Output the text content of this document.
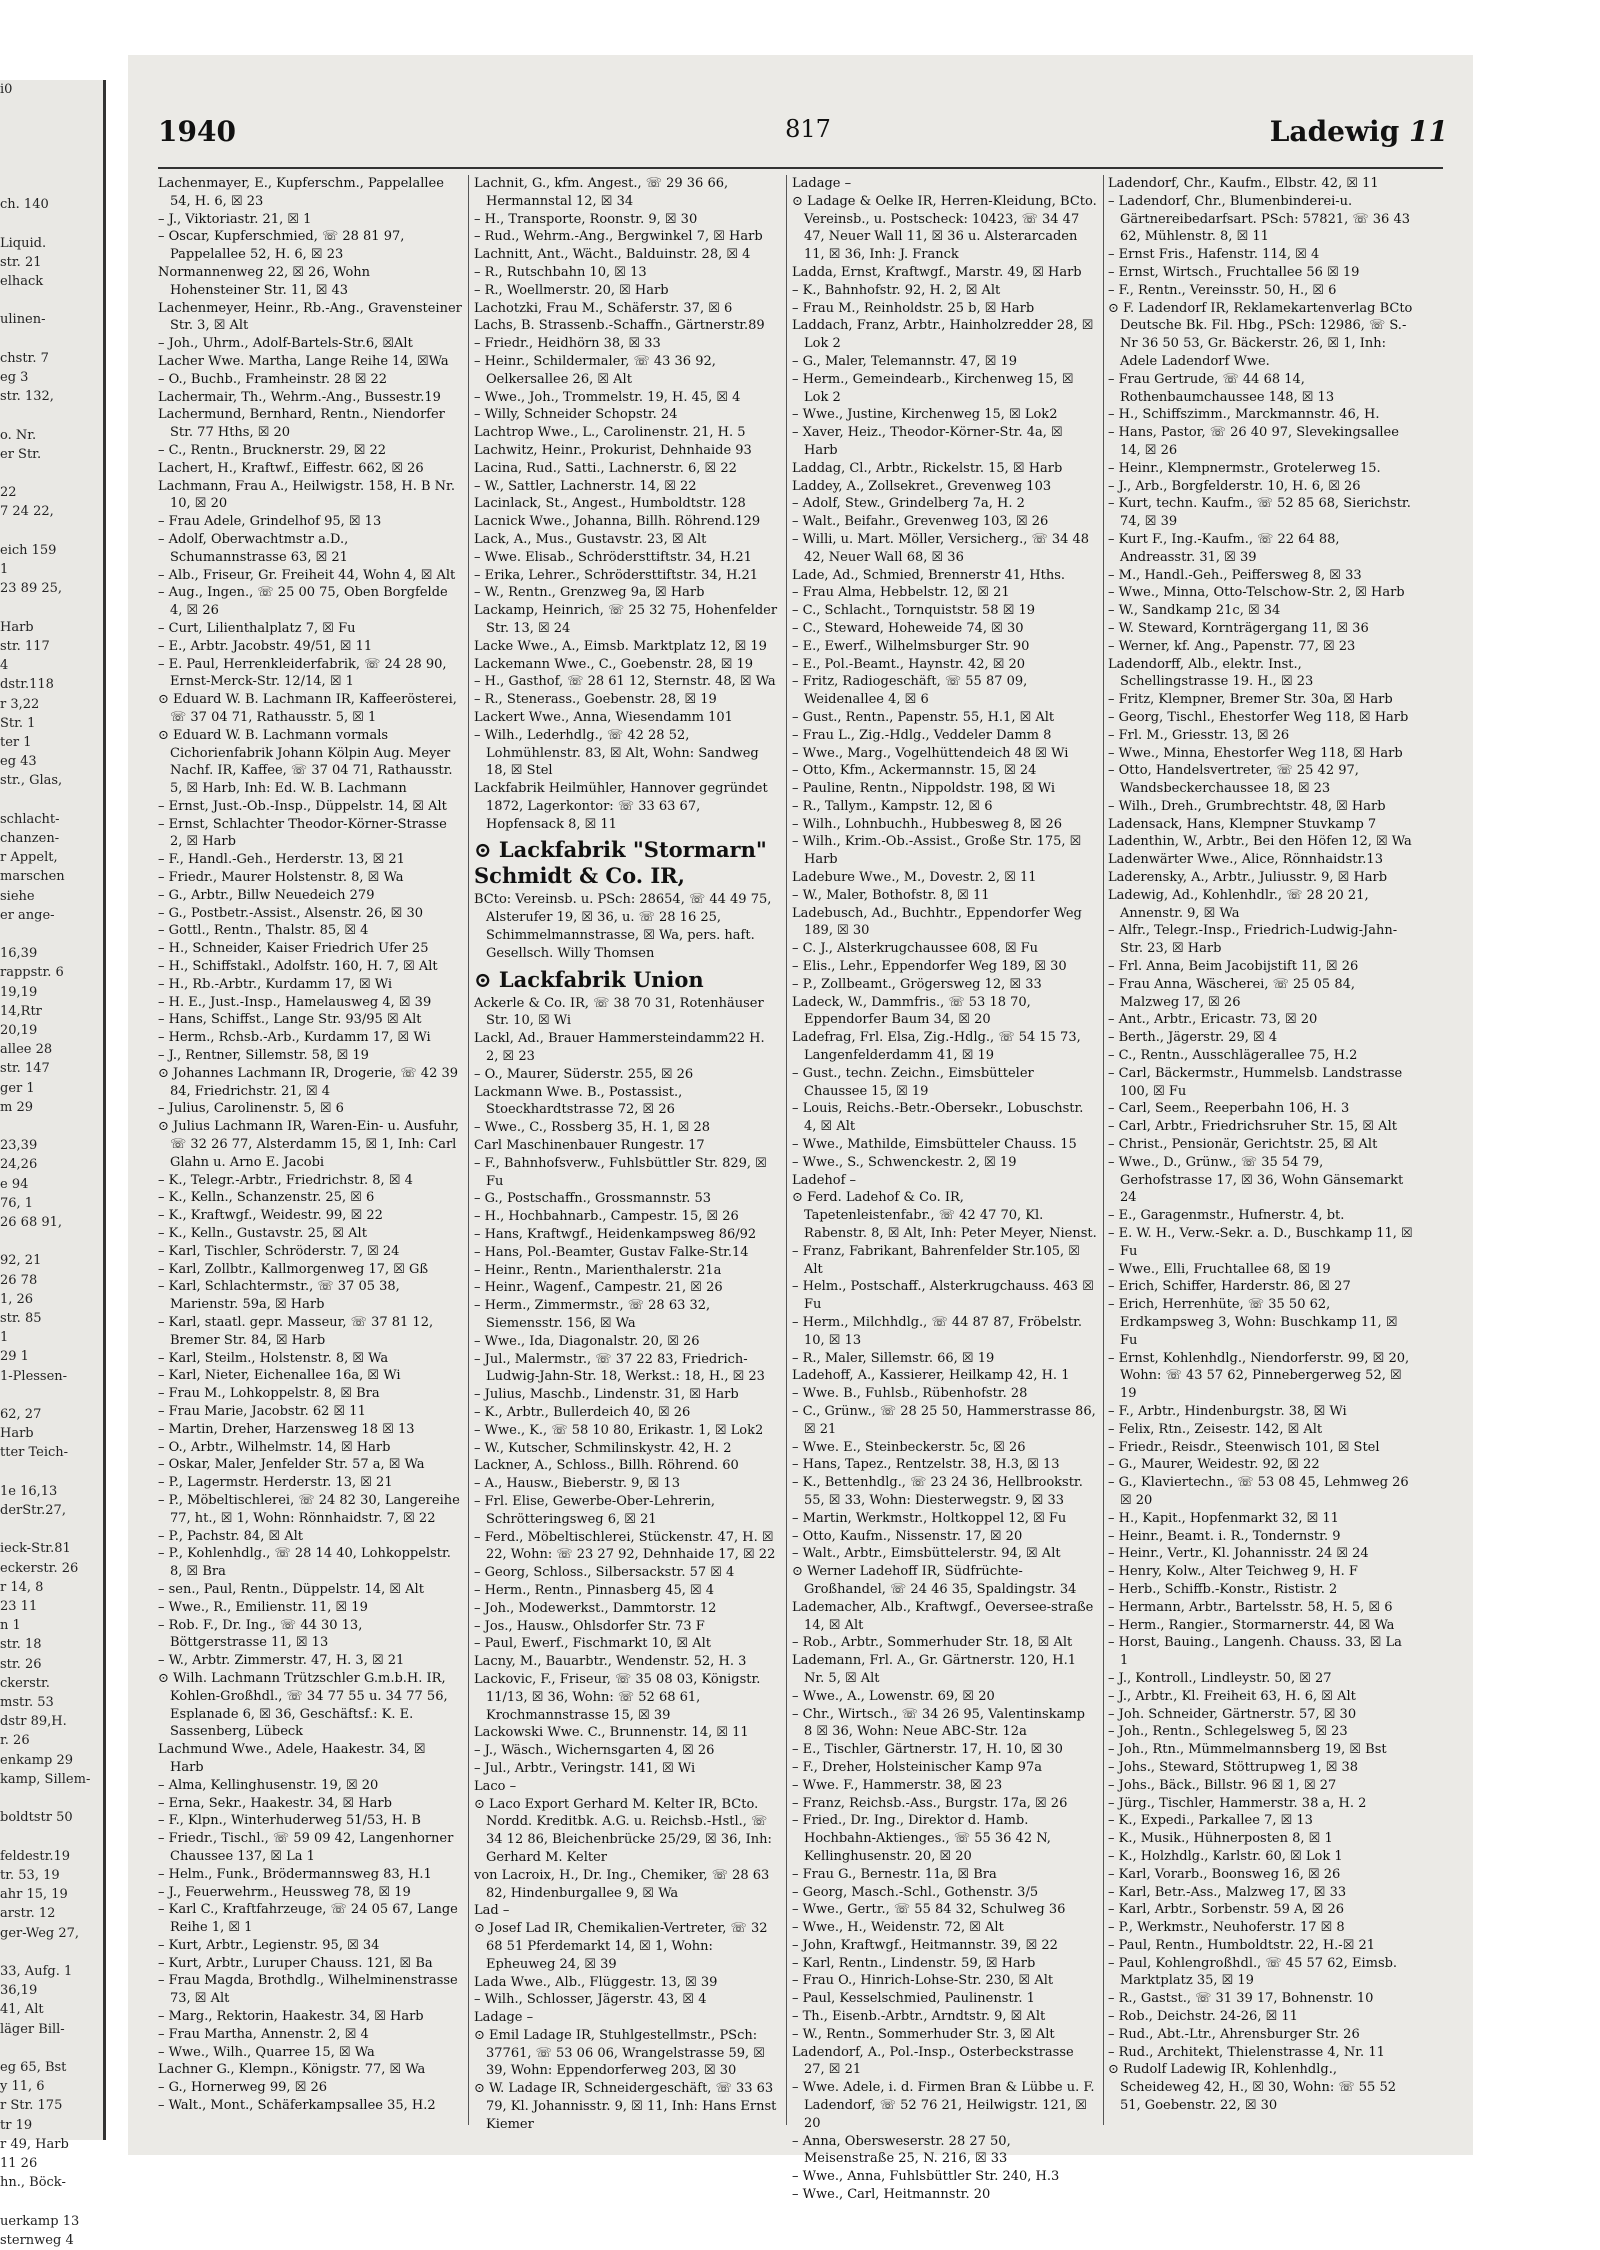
i0

ch. 140

Liquid.
str. 21
elhack

ulinen-

chstr. 7
eg 3
str. 132,

o. Nr.
er Str.

22
7 24 22,

eich 159
1
23 89 25,

Harb
str. 117
4
dstr.118
r 3,22
Str. 1
ter 1
eg 43
str., Glas,

schlacht-
chanzen-
r Appelt,
marschen
siehe
er ange-

16,39
rappstr. 6
19,19
14,Rtr
20,19
allee 28
str. 147
ger 1
m 29

23,39
24,26
e 94
76, 1
26 68 91,

92, 21
26 78
1, 26
str. 85
1
29 1
1-Plessen-

62, 27
Harb
tter Teich-

1e 16,13
derStr.27,

ieck-Str.81
eckerstr. 26
r 14, 8
23 11
n 1
str. 18
str. 26
ckerstr.
mstr. 53
dstr 89,H.
r. 26
enkamp 29
kamp, Sillem-

boldtstr 50

feldestr.19
tr. 53, 19
ahr 15, 19
arstr. 12
ger-Weg 27,

33, Aufg. 1
36,19
41, Alt
läger Bill-

eg 65, Bst
y 11, 6
r Str. 175
tr 19
r 49, Harb
11 26
hn., Böck-

uerkamp 13
sternweg 4
1940	817	Ladewig 11
Lachenmayer, E., Kupferschm., Pappelallee 54, H. 6, ☒ 23
– J., Viktoriastr. 21, ☒ 1
– Oscar, Kupferschmied, ☏ 28 81 97, Pappelallee 52, H. 6, ☒ 23
Normannenweg 22, ☒ 26, Wohn Hohensteiner Str. 11, ☒ 43
Lachenmeyer, Heinr., Rb.-Ang., Gravensteiner Str. 3, ☒ Alt
– Joh., Uhrm., Adolf-Bartels-Str.6, ☒Alt
Lacher Wwe. Martha, Lange Reihe 14, ☒Wa
– O., Buchb., Framheinstr. 28 ☒ 22
Lachermair, Th., Wehrm.-Ang., Bussestr.19
Lachermund, Bernhard, Rentn., Niendorfer Str. 77 Hths, ☒ 20
– C., Rentn., Brucknerstr. 29, ☒ 22
Lachert, H., Kraftwf., Eiffestr. 662, ☒ 26
Lachmann, Frau A., Heilwigstr. 158, H. B Nr. 10, ☒ 20
– Frau Adele, Grindelhof 95, ☒ 13
– Adolf, Oberwachtmstr a.D., Schumannstrasse 63, ☒ 21
– Alb., Friseur, Gr. Freiheit 44, Wohn 4, ☒ Alt
– Aug., Ingen., ☏ 25 00 75, Oben Borgfelde 4, ☒ 26
– Curt, Lilienthalplatz 7, ☒ Fu
– E., Arbtr. Jacobstr. 49/51, ☒ 11
– E. Paul, Herrenkleiderfabrik, ☏ 24 28 90, Ernst-Merck-Str. 12/14, ☒ 1
⊙ Eduard W. B. Lachmann IR, Kaffeerösterei, ☏ 37 04 71, Rathausstr. 5, ☒ 1
⊙ Eduard W. B. Lachmann vormals Cichorienfabrik Johann Kölpin Aug. Meyer Nachf. IR, Kaffee, ☏ 37 04 71, Rathausstr. 5, ☒ Harb, Inh: Ed. W. B. Lachmann
– Ernst, Just.-Ob.-Insp., Düppelstr. 14, ☒ Alt
– Ernst, Schlachter Theodor-Körner-Strasse 2, ☒ Harb
– F., Handl.-Geh., Herderstr. 13, ☒ 21
– Friedr., Maurer Holstenstr. 8, ☒ Wa
– G., Arbtr., Billw Neuedeich 279
– G., Postbetr.-Assist., Alsenstr. 26, ☒ 30
– Gottl., Rentn., Thalstr. 85, ☒ 4
– H., Schneider, Kaiser Friedrich Ufer 25
– H., Schiffstakl., Adolfstr. 160, H. 7, ☒ Alt
– H., Rb.-Arbtr., Kurdamm 17, ☒ Wi
– H. E., Just.-Insp., Hamelausweg 4, ☒ 39
– Hans, Schiffst., Lange Str. 93/95 ☒ Alt
– Herm., Rchsb.-Arb., Kurdamm 17, ☒ Wi
– J., Rentner, Sillemstr. 58, ☒ 19
⊙ Johannes Lachmann IR, Drogerie, ☏ 42 39 84, Friedrichstr. 21, ☒ 4
– Julius, Carolinenstr. 5, ☒ 6
⊙ Julius Lachmann IR, Waren-Ein- u. Ausfuhr, ☏ 32 26 77, Alsterdamm 15, ☒ 1, Inh: Carl Glahn u. Arno E. Jacobi
– K., Telegr.-Arbtr., Friedrichstr. 8, ☒ 4
– K., Kelln., Schanzenstr. 25, ☒ 6
– K., Kraftwgf., Weidestr. 99, ☒ 22
– K., Kelln., Gustavstr. 25, ☒ Alt
– Karl, Tischler, Schröderstr. 7, ☒ 24
– Karl, Zollbtr., Kallmorgenweg 17, ☒ Gß
– Karl, Schlachtermstr., ☏ 37 05 38, Marienstr. 59a, ☒ Harb
– Karl, staatl. gepr. Masseur, ☏ 37 81 12, Bremer Str. 84, ☒ Harb
– Karl, Steilm., Holstenstr. 8, ☒ Wa
– Karl, Nieter, Eichenallee 16a, ☒ Wi
– Frau M., Lohkoppelstr. 8, ☒ Bra
– Frau Marie, Jacobstr. 62 ☒ 11
– Martin, Dreher, Harzensweg 18 ☒ 13
– O., Arbtr., Wilhelmstr. 14, ☒ Harb
– Oskar, Maler, Jenfelder Str. 57 a, ☒ Wa
– P., Lagermstr. Herderstr. 13, ☒ 21
– P., Möbeltischlerei, ☏ 24 82 30, Langereihe 77, ht., ☒ 1, Wohn: Rönnhaidstr. 7, ☒ 22
– P., Pachstr. 84, ☒ Alt
– P., Kohlenhdlg., ☏ 28 14 40, Lohkoppelstr. 8, ☒ Bra
– sen., Paul, Rentn., Düppelstr. 14, ☒ Alt
– Wwe., R., Emilienstr. 11, ☒ 19
– Rob. F., Dr. Ing., ☏ 44 30 13, Böttgerstrasse 11, ☒ 13
– W., Arbtr. Zimmerstr. 47, H. 3, ☒ 21
⊙ Wilh. Lachmann Trützschler G.m.b.H. IR, Kohlen-Großhdl., ☏ 34 77 55 u. 34 77 56, Esplanade 6, ☒ 36, Geschäftsf.: K. E. Sassenberg, Lübeck
Lachmund Wwe., Adele, Haakestr. 34, ☒ Harb
– Alma, Kellinghusenstr. 19, ☒ 20
– Erna, Sekr., Haakestr. 34, ☒ Harb
– F., Klpn., Winterhuderweg 51/53, H. B
– Friedr., Tischl., ☏ 59 09 42, Langenhorner Chaussee 137, ☒ La 1
– Helm., Funk., Brödermannsweg 83, H.1
– J., Feuerwehrm., Heussweg 78, ☒ 19
– Karl C., Kraftfahrzeuge, ☏ 24 05 67, Lange Reihe 1, ☒ 1
– Kurt, Arbtr., Legienstr. 95, ☒ 34
– Kurt, Arbtr., Luruper Chauss. 121, ☒ Ba
– Frau Magda, Brothdlg., Wilhelminenstrasse 73, ☒ Alt
– Marg., Rektorin, Haakestr. 34, ☒ Harb
– Frau Martha, Annenstr. 2, ☒ 4
– Wwe., Wilh., Quarree 15, ☒ Wa
Lachner G., Klempn., Königstr. 77, ☒ Wa
– G., Hornerweg 99, ☒ 26
– Walt., Mont., Schäferkampsallee 35, H.2
Lachnit, G., kfm. Angest., ☏ 29 36 66, Hermannstal 12, ☒ 34
– H., Transporte, Roonstr. 9, ☒ 30
– Rud., Wehrm.-Ang., Bergwinkel 7, ☒ Harb
Lachnitt, Ant., Wächt., Balduinstr. 28, ☒ 4
– R., Rutschbahn 10, ☒ 13
– R., Woellmerstr. 20, ☒ Harb
Lachotzki, Frau M., Schäferstr. 37, ☒ 6
Lachs, B. Strassenb.-Schaffn., Gärtnerstr.89
– Friedr., Heidhörn 38, ☒ 33
– Heinr., Schildermaler, ☏ 43 36 92, Oelkersallee 26, ☒ Alt
– Wwe., Joh., Trommelstr. 19, H. 45, ☒ 4
– Willy, Schneider Schopstr. 24
Lachtrop Wwe., L., Carolinenstr. 21, H. 5
Lachwitz, Heinr., Prokurist, Dehnhaide 93
Lacina, Rud., Satti., Lachnerstr. 6, ☒ 22
– W., Sattler, Lachnerstr. 14, ☒ 22
Lacinlack, St., Angest., Humboldtstr. 128
Lacnick Wwe., Johanna, Billh. Röhrend.129
Lack, A., Mus., Gustavstr. 23, ☒ Alt
– Wwe. Elisab., Schrödersttiftstr. 34, H.21
– Erika, Lehrer., Schrödersttiftstr. 34, H.21
– W., Rentn., Grenzweg 9a, ☒ Harb
Lackamp, Heinrich, ☏ 25 32 75, Hohenfelder Str. 13, ☒ 24
Lacke Wwe., A., Eimsb. Marktplatz 12, ☒ 19
Lackemann Wwe., C., Goebenstr. 28, ☒ 19
– H., Gasthof, ☏ 28 61 12, Sternstr. 48, ☒ Wa
– R., Stenerass., Goebenstr. 28, ☒ 19
Lackert Wwe., Anna, Wiesendamm 101
– Wilh., Lederhdlg., ☏ 42 28 52, Lohmühlenstr. 83, ☒ Alt, Wohn: Sandweg 18, ☒ Stel
Lackfabrik Heilmühler, Hannover gegründet 1872, Lagerkontor: ☏ 33 63 67, Hopfensack 8, ☒ 11
⊙ Lackfabrik "Stormarn" Schmidt & Co. IR,
BCto: Vereinsb. u. PSch: 28654, ☏ 44 49 75, Alsterufer 19, ☒ 36, u. ☏ 28 16 25, Schimmelmannstrasse, ☒ Wa, pers. haft. Gesellsch. Willy Thomsen
⊙ Lackfabrik Union
Ackerle & Co. IR, ☏ 38 70 31, Rotenhäuser Str. 10, ☒ Wi
Lackl, Ad., Brauer Hammersteindamm22 H. 2, ☒ 23
– O., Maurer, Süderstr. 255, ☒ 26
Lackmann Wwe. B., Postassist., Stoeckhardtstrasse 72, ☒ 26
– Wwe., C., Rossberg 35, H. 1, ☒ 28
Carl Maschinenbauer Rungestr. 17
– F., Bahnhofsverw., Fuhlsbüttler Str. 829, ☒ Fu
– G., Postschaffn., Grossmannstr. 53
– H., Hochbahnarb., Campestr. 15, ☒ 26
– Hans, Kraftwgf., Heidenkampsweg 86/92
– Hans, Pol.-Beamter, Gustav Falke-Str.14
– Heinr., Rentn., Marienthalerstr. 21a
– Heinr., Wagenf., Campestr. 21, ☒ 26
– Herm., Zimmermstr., ☏ 28 63 32, Siemensstr. 156, ☒ Wa
– Wwe., Ida, Diagonalstr. 20, ☒ 26
– Jul., Malermstr., ☏ 37 22 83, Friedrich-Ludwig-Jahn-Str. 18, Werkst.: 18, H., ☒ 23
– Julius, Maschb., Lindenstr. 31, ☒ Harb
– K., Arbtr., Bullerdeich 40, ☒ 26
– Wwe., K., ☏ 58 10 80, Erikastr. 1, ☒ Lok2
– W., Kutscher, Schmilinskystr. 42, H. 2
Lackner, A., Schloss., Billh. Röhrend. 60
– A., Hausw., Bieberstr. 9, ☒ 13
– Frl. Elise, Gewerbe-Ober-Lehrerin, Schrötteringsweg 6, ☒ 21
– Ferd., Möbeltischlerei, Stückenstr. 47, H. ☒ 22, Wohn: ☏ 23 27 92, Dehnhaide 17, ☒ 22
– Georg, Schloss., Silbersackstr. 57 ☒ 4
– Herm., Rentn., Pinnasberg 45, ☒ 4
– Joh., Modewerkst., Dammtorstr. 12
– Jos., Hausw., Ohlsdorfer Str. 73 F
– Paul, Ewerf., Fischmarkt 10, ☒ Alt
Lacny, M., Bauarbtr., Wendenstr. 52, H. 3
Lackovic, F., Friseur, ☏ 35 08 03, Königstr. 11/13, ☒ 36, Wohn: ☏ 52 68 61, Krochmannstrasse 15, ☒ 39
Lackowski Wwe. C., Brunnenstr. 14, ☒ 11
– J., Wäsch., Wichernsgarten 4, ☒ 26
– Jul., Arbtr., Veringstr. 141, ☒ Wi
Laco –
⊙ Laco Export Gerhard M. Kelter IR, BCto. Nordd. Kreditbk. A.G. u. Reichsb.-Hstl., ☏ 34 12 86, Bleichenbrücke 25/29, ☒ 36, Inh: Gerhard M. Kelter
von Lacroix, H., Dr. Ing., Chemiker, ☏ 28 63 82, Hindenburgallee 9, ☒ Wa
Lad –
⊙ Josef Lad IR, Chemikalien-Vertreter, ☏ 32 68 51 Pferdemarkt 14, ☒ 1, Wohn: Epheuweg 24, ☒ 39
Lada Wwe., Alb., Flüggestr. 13, ☒ 39
– Wilh., Schlosser, Jägerstr. 43, ☒ 4
Ladage –
⊙ Emil Ladage IR, Stuhlgestellmstr., PSch: 37761, ☏ 53 06 06, Wrangelstrasse 59, ☒ 39, Wohn: Eppendorferweg 203, ☒ 30
⊙ W. Ladage IR, Schneidergeschäft, ☏ 33 63 79, Kl. Johannisstr. 9, ☒ 11, Inh: Hans Ernst Kiemer
Ladage –
⊙ Ladage & Oelke IR, Herren-Kleidung, BCto. Vereinsb., u. Postscheck: 10423, ☏ 34 47 47, Neuer Wall 11, ☒ 36 u. Alsterarcaden 11, ☒ 36, Inh: J. Franck
Ladda, Ernst, Kraftwgf., Marstr. 49, ☒ Harb
– K., Bahnhofstr. 92, H. 2, ☒ Alt
– Frau M., Reinholdstr. 25 b, ☒ Harb
Laddach, Franz, Arbtr., Hainholzredder 28, ☒ Lok 2
– G., Maler, Telemannstr. 47, ☒ 19
– Herm., Gemeindearb., Kirchenweg 15, ☒ Lok 2
– Wwe., Justine, Kirchenweg 15, ☒ Lok2
– Xaver, Heiz., Theodor-Körner-Str. 4a, ☒ Harb
Laddag, Cl., Arbtr., Rickelstr. 15, ☒ Harb
Laddey, A., Zollsekret., Grevenweg 103
– Adolf, Stew., Grindelberg 7a, H. 2
– Walt., Beifahr., Grevenweg 103, ☒ 26
– Willi, u. Mart. Möller, Versicherg., ☏ 34 48 42, Neuer Wall 68, ☒ 36
Lade, Ad., Schmied, Brennerstr 41, Hths.
– Frau Alma, Hebbelstr. 12, ☒ 21
– C., Schlacht., Tornquiststr. 58 ☒ 19
– C., Steward, Hoheweide 74, ☒ 30
– E., Ewerf., Wilhelmsburger Str. 90
– E., Pol.-Beamt., Haynstr. 42, ☒ 20
– Fritz, Radiogeschäft, ☏ 55 87 09, Weidenallee 4, ☒ 6
– Gust., Rentn., Papenstr. 55, H.1, ☒ Alt
– Frau L., Zig.-Hdlg., Veddeler Damm 8
– Wwe., Marg., Vogelhüttendeich 48 ☒ Wi
– Otto, Kfm., Ackermannstr. 15, ☒ 24
– Pauline, Rentn., Nippoldstr. 198, ☒ Wi
– R., Tallym., Kampstr. 12, ☒ 6
– Wilh., Lohnbuchh., Hubbesweg 8, ☒ 26
– Wilh., Krim.-Ob.-Assist., Große Str. 175, ☒ Harb
Ladebure Wwe., M., Dovestr. 2, ☒ 11
– W., Maler, Bothofstr. 8, ☒ 11
Ladebusch, Ad., Buchhtr., Eppendorfer Weg 189, ☒ 30
– C. J., Alsterkrugchaussee 608, ☒ Fu
– Elis., Lehr., Eppendorfer Weg 189, ☒ 30
– P., Zollbeamt., Grögersweg 12, ☒ 33
Ladeck, W., Dammfris., ☏ 53 18 70, Eppendorfer Baum 34, ☒ 20
Ladefrag, Frl. Elsa, Zig.-Hdlg., ☏ 54 15 73, Langenfelderdamm 41, ☒ 19
– Gust., techn. Zeichn., Eimsbütteler Chaussee 15, ☒ 19
– Louis, Reichs.-Betr.-Obersekr., Lobuschstr. 4, ☒ Alt
– Wwe., Mathilde, Eimsbütteler Chauss. 15
– Wwe., S., Schwenckestr. 2, ☒ 19
Ladehof –
⊙ Ferd. Ladehof & Co. IR, Tapetenleistenfabr., ☏ 42 47 70, Kl. Rabenstr. 8, ☒ Alt, Inh: Peter Meyer, Nienst.
– Franz, Fabrikant, Bahrenfelder Str.105, ☒ Alt
– Helm., Postschaff., Alsterkrugchauss. 463 ☒ Fu
– Herm., Milchhdlg., ☏ 44 87 87, Fröbelstr. 10, ☒ 13
– R., Maler, Sillemstr. 66, ☒ 19
Ladehoff, A., Kassierer, Heilkamp 42, H. 1
– Wwe. B., Fuhlsb., Rübenhofstr. 28
– C., Grünw., ☏ 28 25 50, Hammerstrasse 86, ☒ 21
– Wwe. E., Steinbeckerstr. 5c, ☒ 26
– Hans, Tapez., Rentzelstr. 38, H.3, ☒ 13
– K., Bettenhdlg., ☏ 23 24 36, Hellbrookstr. 55, ☒ 33, Wohn: Diesterwegstr. 9, ☒ 33
– Martin, Werkmstr., Holtkoppel 12, ☒ Fu
– Otto, Kaufm., Nissenstr. 17, ☒ 20
– Walt., Arbtr., Eimsbüttelerstr. 94, ☒ Alt
⊙ Werner Ladehoff IR, Südfrüchte-Großhandel, ☏ 24 46 35, Spaldingstr. 34
Lademacher, Alb., Kraftwgf., Oeversee-straße 14, ☒ Alt
– Rob., Arbtr., Sommerhuder Str. 18, ☒ Alt
Lademann, Frl. A., Gr. Gärtnerstr. 120, H.1 Nr. 5, ☒ Alt
– Wwe., A., Lowenstr. 69, ☒ 20
– Chr., Wirtsch., ☏ 34 26 95, Valentinskamp 8 ☒ 36, Wohn: Neue ABC-Str. 12a
– E., Tischler, Gärtnerstr. 17, H. 10, ☒ 30
– F., Dreher, Holsteinischer Kamp 97a
– Wwe. F., Hammerstr. 38, ☒ 23
– Franz, Reichsb.-Ass., Burgstr. 17a, ☒ 26
– Fried., Dr. Ing., Direktor d. Hamb. Hochbahn-Aktienges., ☏ 55 36 42 N, Kellinghusenstr. 20, ☒ 20
– Frau G., Bernestr. 11a, ☒ Bra
– Georg, Masch.-Schl., Gothenstr. 3/5
– Wwe., Gertr., ☏ 55 84 32, Schulweg 36
– Wwe., H., Weidenstr. 72, ☒ Alt
– John, Kraftwgf., Heitmannstr. 39, ☒ 22
– Karl, Rentn., Lindenstr. 59, ☒ Harb
– Frau O., Hinrich-Lohse-Str. 230, ☒ Alt
– Paul, Kesselschmied, Paulinenstr. 1
– Th., Eisenb.-Arbtr., Arndtstr. 9, ☒ Alt
– W., Rentn., Sommerhuder Str. 3, ☒ Alt
Ladendorf, A., Pol.-Insp., Osterbeckstrasse 27, ☒ 21
– Wwe. Adele, i. d. Firmen Bran & Lübbe u. F. Ladendorf, ☏ 52 76 21, Heilwigstr. 121, ☒ 20
– Anna, Obersweserstr. 28 27 50, Meisenstraße 25, N. 216, ☒ 33
– Wwe., Anna, Fuhlsbüttler Str. 240, H.3
– Wwe., Carl, Heitmannstr. 20
Ladendorf, Chr., Kaufm., Elbstr. 42, ☒ 11
– Ladendorf, Chr., Blumenbinderei-u. Gärtnereibedarfsart. PSch: 57821, ☏ 36 43 62, Mühlenstr. 8, ☒ 11
– Ernst Fris., Hafenstr. 114, ☒ 4
– Ernst, Wirtsch., Fruchtallee 56 ☒ 19
– F., Rentn., Vereinsstr. 50, H., ☒ 6
⊙ F. Ladendorf IR, Reklamekartenverlag BCto Deutsche Bk. Fil. Hbg., PSch: 12986, ☏ S.-Nr 36 50 53, Gr. Bäckerstr. 26, ☒ 1, Inh: Adele Ladendorf Wwe.
– Frau Gertrude, ☏ 44 68 14, Rothenbaumchaussee 148, ☒ 13
– H., Schiffszimm., Marckmannstr. 46, H.
– Hans, Pastor, ☏ 26 40 97, Slevekingsallee 14, ☒ 26
– Heinr., Klempnermstr., Grotelerweg 15.
– J., Arb., Borgfelderstr. 10, H. 6, ☒ 26
– Kurt, techn. Kaufm., ☏ 52 85 68, Sierichstr. 74, ☒ 39
– Kurt F., Ing.-Kaufm., ☏ 22 64 88, Andreasstr. 31, ☒ 39
– M., Handl.-Geh., Peiffersweg 8, ☒ 33
– Wwe., Minna, Otto-Telschow-Str. 2, ☒ Harb
– W., Sandkamp 21c, ☒ 34
– W. Steward, Kornträgergang 11, ☒ 36
– Werner, kf. Ang., Papenstr. 77, ☒ 23
Ladendorff, Alb., elektr. Inst., Schellingstrasse 19. H., ☒ 23
– Fritz, Klempner, Bremer Str. 30a, ☒ Harb
– Georg, Tischl., Ehestorfer Weg 118, ☒ Harb
– Frl. M., Griesstr. 13, ☒ 26
– Wwe., Minna, Ehestorfer Weg 118, ☒ Harb
– Otto, Handelsvertreter, ☏ 25 42 97, Wandsbeckerchaussee 18, ☒ 23
– Wilh., Dreh., Grumbrechtstr. 48, ☒ Harb
Ladensack, Hans, Klempner Stuvkamp 7
Ladenthin, W., Arbtr., Bei den Höfen 12, ☒ Wa
Ladenwärter Wwe., Alice, Rönnhaidstr.13
Laderensky, A., Arbtr., Juliusstr. 9, ☒ Harb
Ladewig, Ad., Kohlenhdlr., ☏ 28 20 21, Annenstr. 9, ☒ Wa
– Alfr., Telegr.-Insp., Friedrich-Ludwig-Jahn-Str. 23, ☒ Harb
– Frl. Anna, Beim Jacobijstift 11, ☒ 26
– Frau Anna, Wäscherei, ☏ 25 05 84, Malzweg 17, ☒ 26
– Ant., Arbtr., Ericastr. 73, ☒ 20
– Berth., Jägerstr. 29, ☒ 4
– C., Rentn., Ausschlägerallee 75, H.2
– Carl, Bäckermstr., Hummelsb. Landstrasse 100, ☒ Fu
– Carl, Seem., Reeperbahn 106, H. 3
– Carl, Arbtr., Friedrichsruher Str. 15, ☒ Alt
– Christ., Pensionär, Gerichtstr. 25, ☒ Alt
– Wwe., D., Grünw., ☏ 35 54 79, Gerhofstrasse 17, ☒ 36, Wohn Gänsemarkt 24
– E., Garagenmstr., Hufnerstr. 4, bt.
– E. W. H., Verw.-Sekr. a. D., Buschkamp 11, ☒ Fu
– Wwe., Elli, Fruchtallee 68, ☒ 19
– Erich, Schiffer, Harderstr. 86, ☒ 27
– Erich, Herrenhüte, ☏ 35 50 62, Erdkampsweg 3, Wohn: Buschkamp 11, ☒ Fu
– Ernst, Kohlenhdlg., Niendorferstr. 99, ☒ 20, Wohn: ☏ 43 57 62, Pinnebergerweg 52, ☒ 19
– F., Arbtr., Hindenburgstr. 38, ☒ Wi
– Felix, Rtn., Zeisestr. 142, ☒ Alt
– Friedr., Reisdr., Steenwisch 101, ☒ Stel
– G., Maurer, Weidestr. 92, ☒ 22
– G., Klaviertechn., ☏ 53 08 45, Lehmweg 26 ☒ 20
– H., Kapit., Hopfenmarkt 32, ☒ 11
– Heinr., Beamt. i. R., Tondernstr. 9
– Heinr., Vertr., Kl. Johannisstr. 24 ☒ 24
– Henry, Kolw., Alter Teichweg 9, H. F
– Herb., Schiffb.-Konstr., Rististr. 2
– Hermann, Arbtr., Bartelsstr. 58, H. 5, ☒ 6
– Herm., Rangier., Stormarnerstr. 44, ☒ Wa
– Horst, Bauing., Langenh. Chauss. 33, ☒ La 1
– J., Kontroll., Lindleystr. 50, ☒ 27
– J., Arbtr., Kl. Freiheit 63, H. 6, ☒ Alt
– Joh. Schneider, Gärtnerstr. 57, ☒ 30
– Joh., Rentn., Schlegelsweg 5, ☒ 23
– Joh., Rtn., Mümmelmannsberg 19, ☒ Bst
– Johs., Steward, Stöttrupweg 1, ☒ 38
– Johs., Bäck., Billstr. 96 ☒ 1, ☒ 27
– Jürg., Tischler, Hammerstr. 38 a, H. 2
– K., Expedi., Parkallee 7, ☒ 13
– K., Musik., Hühnerposten 8, ☒ 1
– K., Holzhdlg., Karlstr. 60, ☒ Lok 1
– Karl, Vorarb., Boonsweg 16, ☒ 26
– Karl, Betr.-Ass., Malzweg 17, ☒ 33
– Karl, Arbtr., Sorbenstr. 59 A, ☒ 26
– P., Werkmstr., Neuhoferstr. 17 ☒ 8
– Paul, Rentn., Humboldtstr. 22, H.-☒ 21
– Paul, Kohlengroßhdl., ☏ 45 57 62, Eimsb. Marktplatz 35, ☒ 19
– R., Gastst., ☏ 31 39 17, Bohnenstr. 10
– Rob., Deichstr. 24-26, ☒ 11
– Rud., Abt.-Ltr., Ahrensburger Str. 26
– Rud., Architekt, Thielenstrasse 4, Nr. 11
⊙ Rudolf Ladewig IR, Kohlenhdlg., Scheideweg 42, H., ☒ 30, Wohn: ☏ 55 52 51, Goebenstr. 22, ☒ 30
